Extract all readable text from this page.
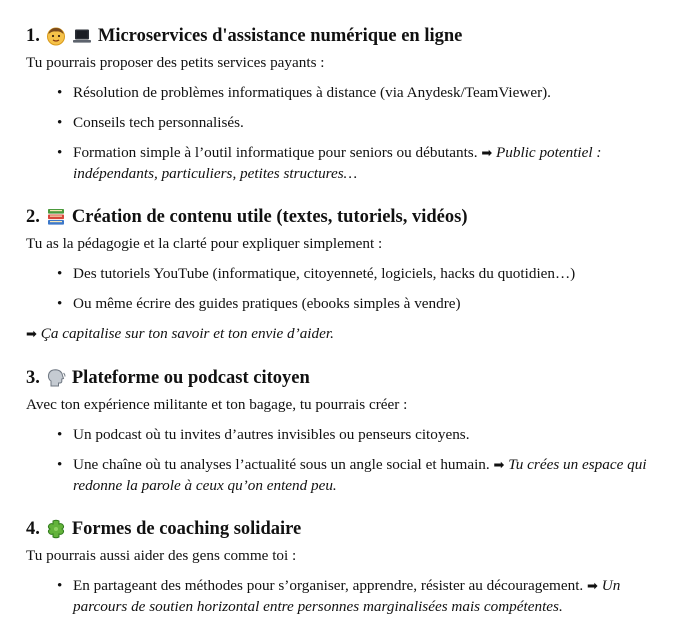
1.	Microservices d'assistance numérique en ligne

Tu pourrais proposer des petits services payants :

• Résolution de problèmes informatiques à distance (via Anydesk/TeamViewer).
• Conseils tech personnalisés.
• Formation simple à l’outil informatique pour seniors ou débutants. ➡ Public potentiel : indépendants, particuliers, petites structures…
2. Création de contenu utile (textes, tutoriels, vidéos)

Tu as la pédagogie et la clarté pour expliquer simplement :

• Des tutoriels YouTube (informatique, citoyenneté, logiciels, hacks du quotidien…)
• Ou même écrire des guides pratiques (ebooks simples à vendre)

➡ Ça capitalise sur ton savoir et ton envie d’aider.

3. Plateforme ou podcast citoyen

Avec ton expérience militante et ton bagage, tu pourrais créer :

• Un podcast où tu invites d’autres invisibles ou penseurs citoyens.
• Une chaîne où tu analyses l’actualité sous un angle social et humain. ➡ Tu crées un espace qui redonne la parole à ceux qu’on entend peu.
4. Formes de coaching solidaire

Tu pourrais aussi aider des gens comme toi :

• En partageant des méthodes pour s’organiser, apprendre, résister au découragement. ➡ Un parcours de soutien horizontal entre personnes marginalisées mais compétentes.
